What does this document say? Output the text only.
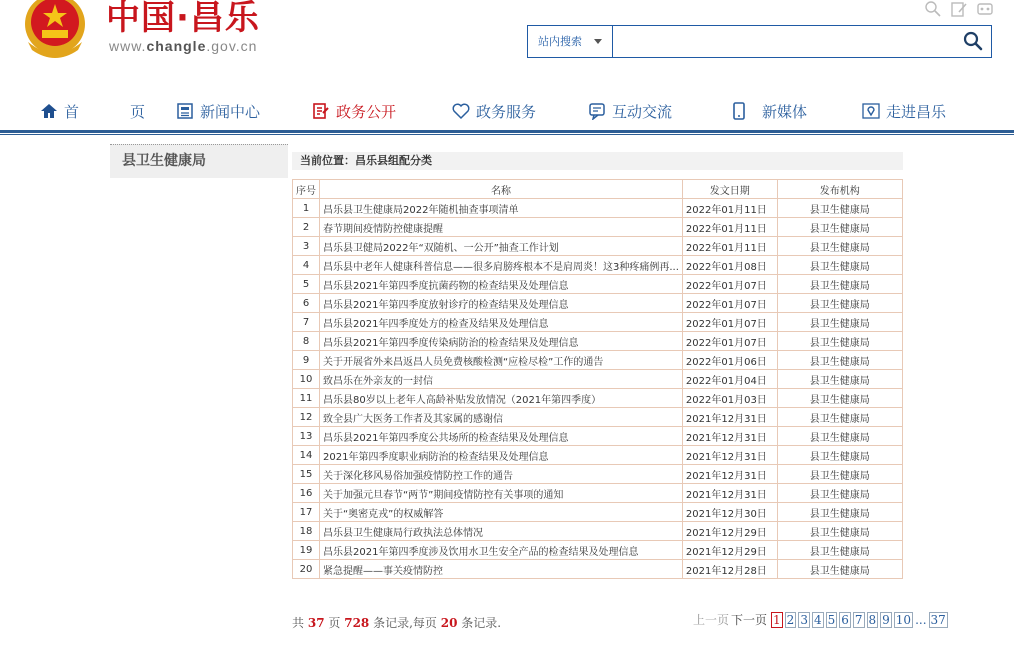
中国·昌乐
www.changle.gov.cn	站内搜索
首　页 新闻中心	政务公开	政务服务	互动交流	新媒体	走进昌乐
县卫生健康局	当前位置：昌乐县组配分类
序号	名称	发文日期	发布机构
1	昌乐县卫生健康局2022年随机抽查事项清单	2022年01月11日	县卫生健康局
2	春节期间疫情防控健康提醒	2022年01月11日	县卫生健康局
3	昌乐县卫健局2022年“双随机、一公开”抽查工作计划	2022年01月11日	县卫生健康局
4	昌乐县中老年人健康科普信息——很多肩膀疼根本不是肩周炎！这3种疼痛例再...	2022年01月08日	县卫生健康局
5	昌乐县2021年第四季度抗菌药物的检查结果及处理信息	2022年01月07日	县卫生健康局
6	昌乐县2021年第四季度放射诊疗的检查结果及处理信息	2022年01月07日	县卫生健康局
7	昌乐县2021年四季度处方的检查及结果及处理信息	2022年01月07日	县卫生健康局
8	昌乐县2021年第四季度传染病防治的检查结果及处理信息	2022年01月07日	县卫生健康局
9	关于开展省外来昌返昌人员免费核酸检测“应检尽检”工作的通告	2022年01月06日	县卫生健康局
10	致昌乐在外亲友的一封信	2022年01月04日	县卫生健康局
11	昌乐县80岁以上老年人高龄补贴发放情况（2021年第四季度）	2022年01月03日	县卫生健康局
12	致全县广大医务工作者及其家属的感谢信	2021年12月31日	县卫生健康局
13	昌乐县2021年第四季度公共场所的检查结果及处理信息	2021年12月31日	县卫生健康局
14	2021年第四季度职业病防治的检查结果及处理信息	2021年12月31日	县卫生健康局
15	关于深化移风易俗加强疫情防控工作的通告	2021年12月31日	县卫生健康局
16	关于加强元旦春节“两节”期间疫情防控有关事项的通知	2021年12月31日	县卫生健康局
17	关于“奥密克戎”的权威解答	2021年12月30日	县卫生健康局
18	昌乐县卫生健康局行政执法总体情况	2021年12月29日	县卫生健康局
19	昌乐县2021年第四季度涉及饮用水卫生安全产品的检查结果及处理信息	2021年12月29日	县卫生健康局
20	紧急提醒——事关疫情防控	2021年12月28日	县卫生健康局
共 37 页 728 条记录,每页 20 条记录.	上一页 下一页 1 2 3 4 5 6 7 8 9 10 ... 37
